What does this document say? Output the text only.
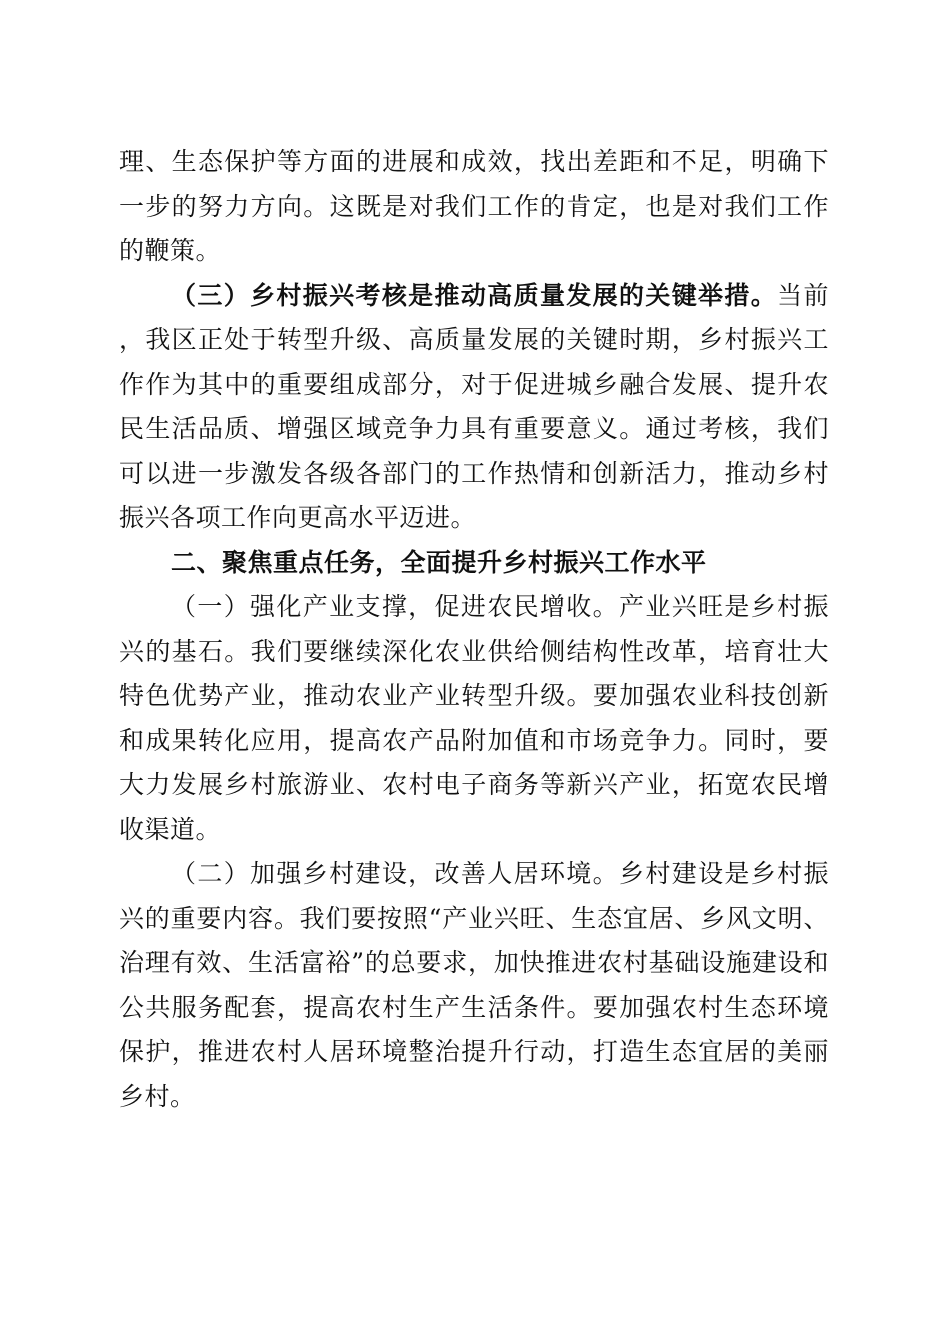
理、生态保护等方面的进展和成效，找出差距和不足，明确下一步的努力方向。这既是对我们工作的肯定，也是对我们工作的鞭策。

（三）乡村振兴考核是推动高质量发展的关键举措。当前，我区正处于转型升级、高质量发展的关键时期，乡村振兴工作作为其中的重要组成部分，对于促进城乡融合发展、提升农民生活品质、增强区域竞争力具有重要意义。通过考核，我们可以进一步激发各级各部门的工作热情和创新活力，推动乡村振兴各项工作向更高水平迈进。

二、聚焦重点任务，全面提升乡村振兴工作水平

（一）强化产业支撑，促进农民增收。产业兴旺是乡村振兴的基石。我们要继续深化农业供给侧结构性改革，培育壮大特色优势产业，推动农业产业转型升级。要加强农业科技创新和成果转化应用，提高农产品附加值和市场竞争力。同时，要大力发展乡村旅游业、农村电子商务等新兴产业，拓宽农民增收渠道。

（二）加强乡村建设，改善人居环境。乡村建设是乡村振兴的重要内容。我们要按照“产业兴旺、生态宜居、乡风文明、治理有效、生活富裕”的总要求，加快推进农村基础设施建设和公共服务配套，提高农村生产生活条件。要加强农村生态环境保护，推进农村人居环境整治提升行动，打造生态宜居的美丽乡村。
